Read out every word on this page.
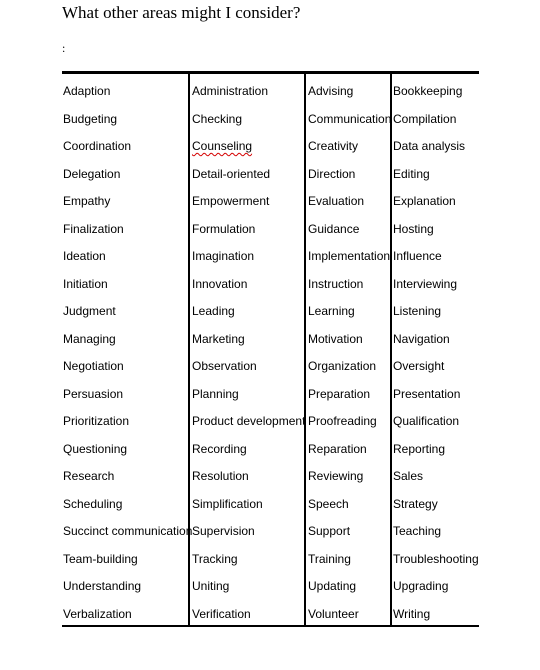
What other areas might I consider?
:
Adaption
Budgeting
Coordination
Delegation
Empathy
Finalization
Ideation
Initiation
Judgment
Managing
Negotiation
Persuasion
Prioritization
Questioning
Research
Scheduling
Succinct communication
Team-building
Understanding
Verbalization
Administration
Checking
Counseling
Detail-oriented
Empowerment
Formulation
Imagination
Innovation
Leading
Marketing
Observation
Planning
Product development
Recording
Resolution
Simplification
Supervision
Tracking
Uniting
Verification
Advising
Communication
Creativity
Direction
Evaluation
Guidance
Implementation
Instruction
Learning
Motivation
Organization
Preparation
Proofreading
Reparation
Reviewing
Speech
Support
Training
Updating
Volunteer
Bookkeeping
Compilation
Data analysis
Editing
Explanation
Hosting
Influence
Interviewing
Listening
Navigation
Oversight
Presentation
Qualification
Reporting
Sales
Strategy
Teaching
Troubleshooting
Upgrading
Writing
